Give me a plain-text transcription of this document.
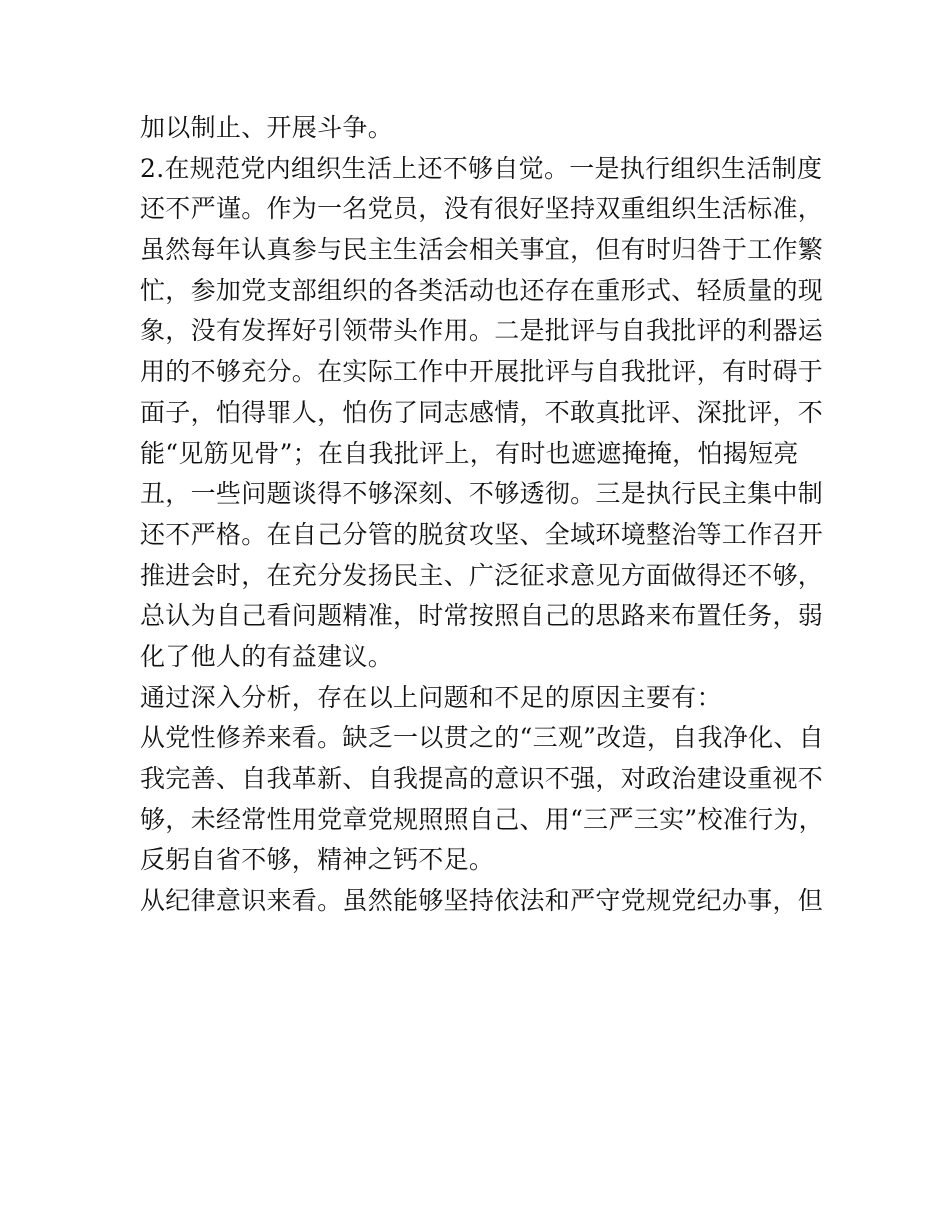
加以制止、开展斗争。
2.在规范党内组织生活上还不够自觉。一是执行组织生活制度
还不严谨。作为一名党员，没有很好坚持双重组织生活标准，
虽然每年认真参与民主生活会相关事宜，但有时归咎于工作繁
忙，参加党支部组织的各类活动也还存在重形式、轻质量的现
象，没有发挥好引领带头作用。二是批评与自我批评的利器运
用的不够充分。在实际工作中开展批评与自我批评，有时碍于
面子，怕得罪人，怕伤了同志感情，不敢真批评、深批评，不
能“见筋见骨”；在自我批评上，有时也遮遮掩掩，怕揭短亮
丑，一些问题谈得不够深刻、不够透彻。三是执行民主集中制
还不严格。在自己分管的脱贫攻坚、全域环境整治等工作召开
推进会时，在充分发扬民主、广泛征求意见方面做得还不够，
总认为自己看问题精准，时常按照自己的思路来布置任务，弱
化了他人的有益建议。
通过深入分析，存在以上问题和不足的原因主要有：
从党性修养来看。缺乏一以贯之的“三观”改造，自我净化、自
我完善、自我革新、自我提高的意识不强，对政治建设重视不
够，未经常性用党章党规照照自己、用“三严三实”校准行为，
反躬自省不够，精神之钙不足。
从纪律意识来看。虽然能够坚持依法和严守党规党纪办事，但
